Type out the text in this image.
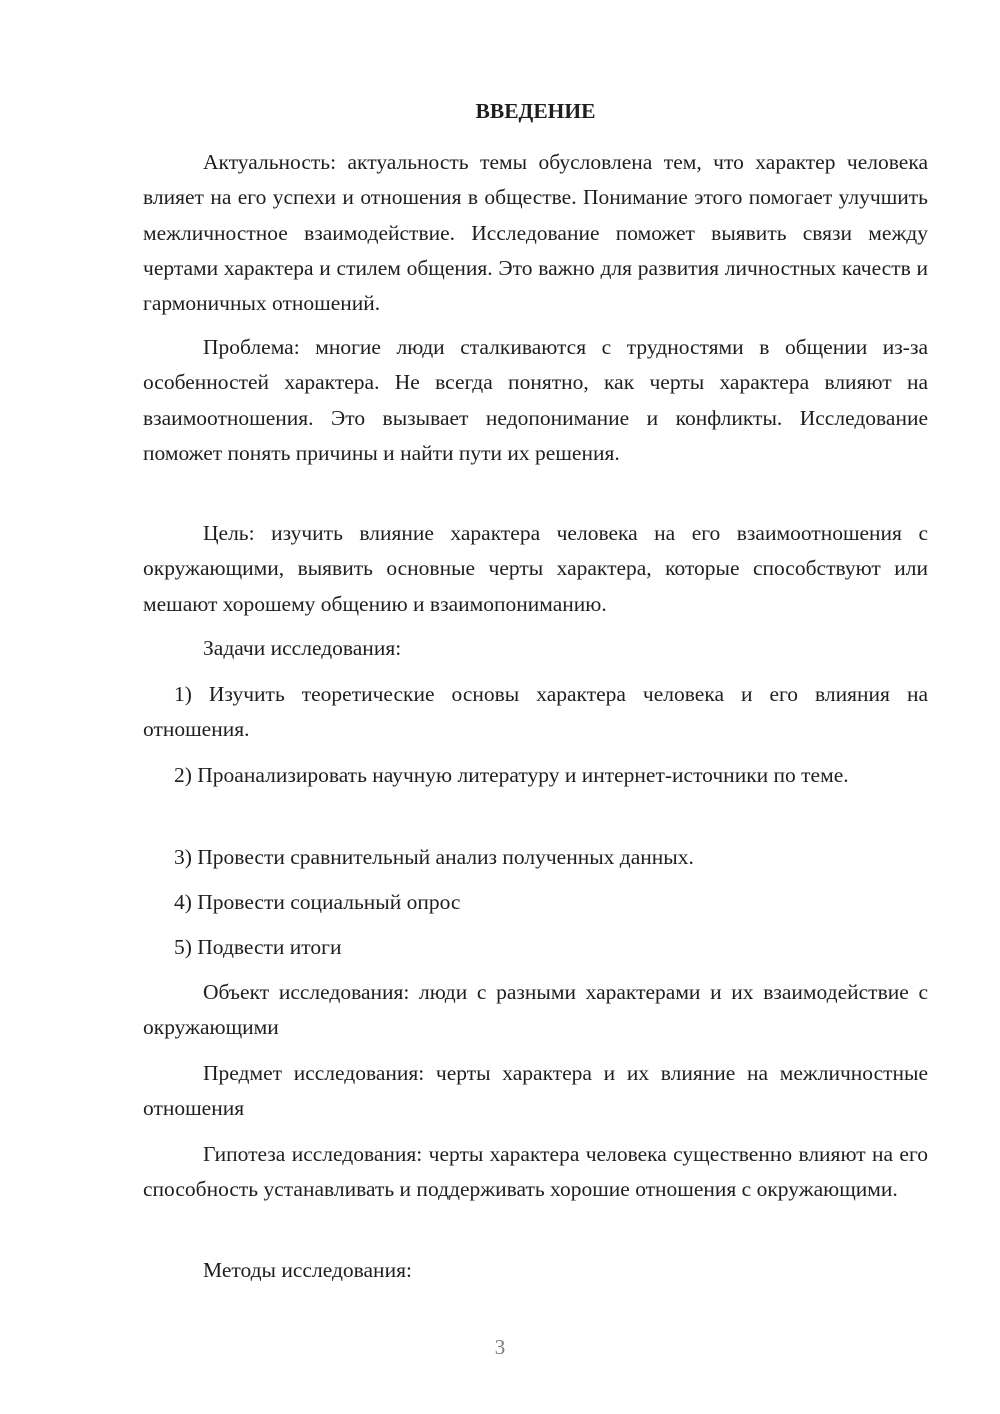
ВВЕДЕНИЕ

Актуальность: актуальность темы обусловлена тем, что характер человека влияет на его успехи и отношения в обществе. Понимание этого помогает улучшить межличностное взаимодействие. Исследование поможет выявить связи между чертами характера и стилем общения. Это важно для развития личностных качеств и гармоничных отношений.

Проблема: многие люди сталкиваются с трудностями в общении из-за особенностей характера. Не всегда понятно, как черты характера влияют на взаимоотношения. Это вызывает недопонимание и конфликты. Исследование поможет понять причины и найти пути их решения.

Цель: изучить влияние характера человека на его взаимоотношения с окружающими, выявить основные черты характера, которые способствуют или мешают хорошему общению и взаимопониманию.

Задачи исследования:

1) Изучить теоретические основы характера человека и его влияния на отношения.

2) Проанализировать научную литературу и интернет-источники по теме.

3) Провести сравнительный анализ полученных данных.

4) Провести социальный опрос

5) Подвести итоги

Объект исследования: люди с разными характерами и их взаимодействие с окружающими

Предмет исследования: черты характера и их влияние на межличностные отношения

Гипотеза исследования: черты характера человека существенно влияют на его способность устанавливать и поддерживать хорошие отношения с окружающими.

Методы исследования:

3
